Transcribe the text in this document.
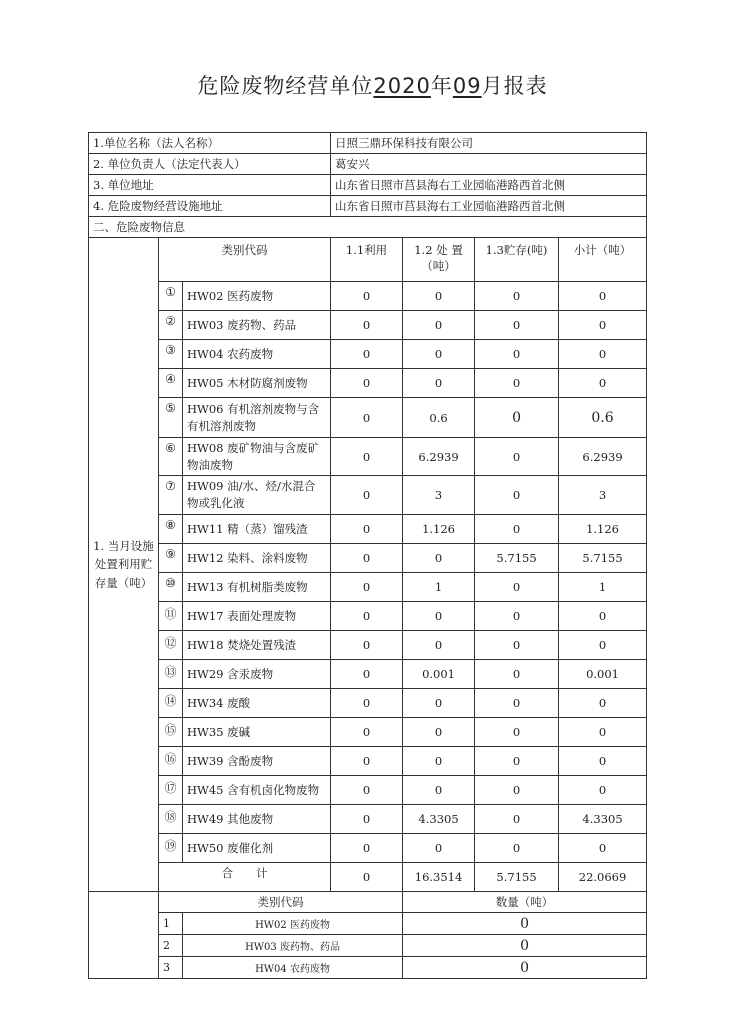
危险废物经营单位2020年09月报表
1.单位名称（法人名称）			日照三鼎环保科技有限公司			
2. 单位负责人（法定代表人）			葛安兴			
3. 单位地址			山东省日照市莒县海右工业园临港路西首北侧			
4. 危险废物经营设施地址			山东省日照市莒县海右工业园临港路西首北侧			
二、危险废物信息						
1. 当月设施处置利用贮存量（吨）	类别代码		1.1利用	1.2 处 置（吨）	1.3贮存(吨)	小计（吨）
	①	HW02 医药废物	0	0	0	0
	②	HW03 废药物、药品	0	0	0	0
	③	HW04 农药废物	0	0	0	0
	④	HW05 木材防腐剂废物	0	0	0	0
	⑤	HW06 有机溶剂废物与含有机溶剂废物	0	0.6	0	0.6
	⑥	HW08 废矿物油与含废矿物油废物	0	6.2939	0	6.2939
	⑦	HW09 油/水、烃/水混合物或乳化液	0	3	0	3
	⑧	HW11 精（蒸）馏残渣	0	1.126	0	1.126
	⑨	HW12 染料、涂料废物	0	0	5.7155	5.7155
	⑩	HW13 有机树脂类废物	0	1	0	1
	⑪	HW17 表面处理废物	0	0	0	0
	⑫	HW18 焚烧处置残渣	0	0	0	0
	⑬	HW29 含汞废物	0	0.001	0	0.001
	⑭	HW34 废酸	0	0	0	0
	⑮	HW35 废碱	0	0	0	0
	⑯	HW39 含酚废物	0	0	0	0
	⑰	HW45 含有机卤化物废物	0	0	0	0
	⑱	HW49 其他废物	0	4.3305	0	4.3305
	⑲	HW50 废催化剂	0	0	0	0
	合　　计		0	16.3514	5.7155	22.0669
	类别代码			数量（吨）		
	1	HW02 医药废物		0		
	2	HW03 废药物、药品		0		
	3	HW04 农药废物		0		
